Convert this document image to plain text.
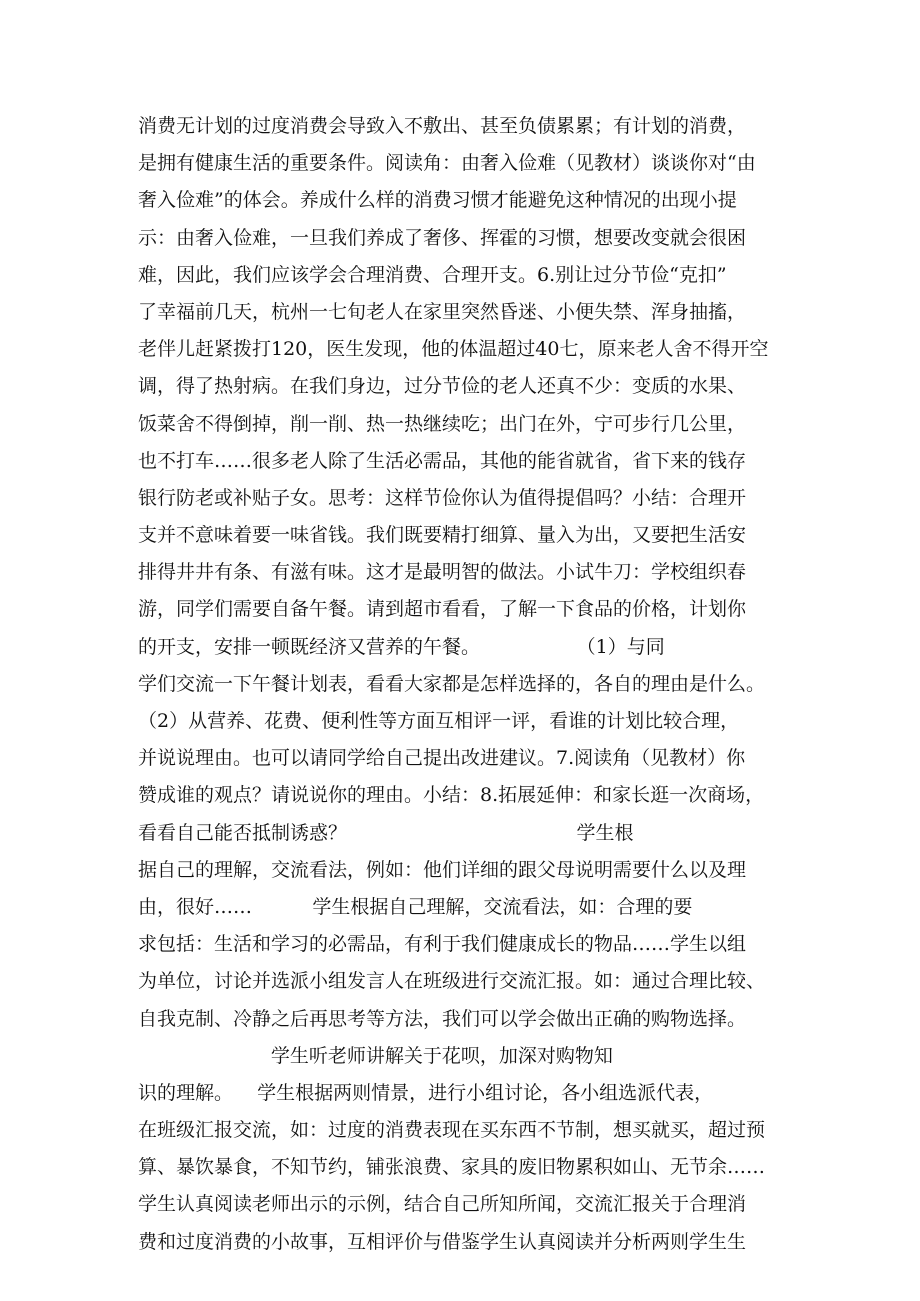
消费无计划的过度消费会导致入不敷出、甚至负债累累；有计划的消费，
是拥有健康生活的重要条件。阅读角：由奢入俭难（见教材）谈谈你对“由
奢入俭难”的体会。养成什么样的消费习惯才能避免这种情况的出现小提
示：由奢入俭难，一旦我们养成了奢侈、挥霍的习惯，想要改变就会很困
难，因此，我们应该学会合理消费、合理开支。6.别让过分节俭“克扣”
了幸福前几天，杭州一七旬老人在家里突然昏迷、小便失禁、浑身抽搐，
老伴儿赶紧拨打120，医生发现，他的体温超过40七，原来老人舍不得开空
调，得了热射病。在我们身边，过分节俭的老人还真不少：变质的水果、
饭菜舍不得倒掉，削一削、热一热继续吃；出门在外，宁可步行几公里，
也不打车……很多老人除了生活必需品，其他的能省就省，省下来的钱存
银行防老或补贴子女。思考：这样节俭你认为值得提倡吗？小结：合理开
支并不意味着要一味省钱。我们既要精打细算、量入为出，又要把生活安
排得井井有条、有滋有味。这才是最明智的做法。小试牛刀：学校组织春
游，同学们需要自备午餐。请到超市看看，了解一下食品的价格，计划你
的开支，安排一顿既经济又营养的午餐。                （1）与同
学们交流一下午餐计划表，看看大家都是怎样选择的，各自的理由是什么。
（2）从营养、花费、便利性等方面互相评一评，看谁的计划比较合理，
并说说理由。也可以请同学给自己提出改进建议。7.阅读角（见教材）你
赞成谁的观点？请说说你的理由。小结：8.拓展延伸：和家长逛一次商场，
看看自己能否抵制诱惑？                                      学生根
据自己的理解，交流看法，例如：他们详细的跟父母说明需要什么以及理
由，很好……          学生根据自己理解，交流看法，如：合理的要
求包括：生活和学习的必需品，有利于我们健康成长的物品……学生以组
为单位，讨论并选派小组发言人在班级进行交流汇报。如：通过合理比较、
自我克制、冷静之后再思考等方法，我们可以学会做出正确的购物选择。
学生听老师讲解关于花呗，加深对购物知
识的理解。    学生根据两则情景，进行小组讨论，各小组选派代表，
在班级汇报交流，如：过度的消费表现在买东西不节制，想买就买，超过预
算、暴饮暴食，不知节约，铺张浪费、家具的废旧物累积如山、无节余……
学生认真阅读老师出示的示例，结合自己所知所闻，交流汇报关于合理消
费和过度消费的小故事，互相评价与借鉴学生认真阅读并分析两则学生生
